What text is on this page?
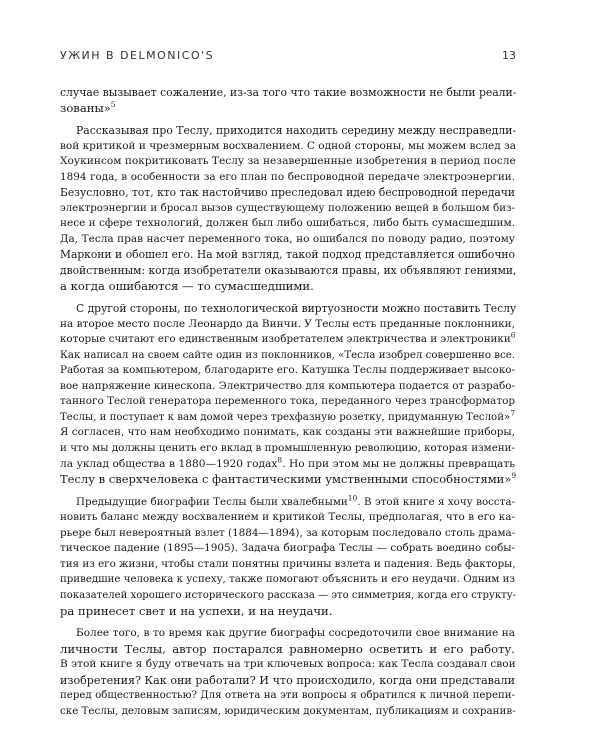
УЖИН В DELMONICO'S	13
случае вызывает сожаление, из-за того что такие возможности не были реали-
зованы»$^5$
Рассказывая про Теслу, приходится находить середину между несправедли-
вой критикой и чрезмерным восхвалением. С одной стороны, мы можем вслед за
Хоукинсом покритиковать Теслу за незавершенные изобретения в период после
1894 года, в особенности за его план по беспроводной передаче электроэнергии.
Безусловно, тот, кто так настойчиво преследовал идею беспроводной передачи
электроэнергии и бросал вызов существующему положению вещей в большом биз-
несе и сфере технологий, должен был либо ошибаться, либо быть сумасшедшим.
Да, Тесла прав насчет переменного тока, но ошибался по поводу радио, поэтому
Маркони и обошел его. На мой взгляд, такой подход представляется ошибочно
двойственным: когда изобретатели оказываются правы, их объявляют гениями,
а когда ошибаются — то сумасшедшими.
С другой стороны, по технологической виртуозности можно поставить Теслу
на второе место после Леонардо да Винчи. У Теслы есть преданные поклонники,
которые считают его единственным изобретателем электричества и электроники$^6$
Как написал на своем сайте один из поклонников, «Тесла изобрел совершенно все.
Работая за компьютером, благодарите его. Катушка Теслы поддерживает высоко-
вое напряжение кинескопа. Электричество для компьютера подается от разрабо-
танного Теслой генератора переменного тока, переданного через трансформатор
Теслы, и поступает к вам домой через трехфазную розетку, придуманную Теслой»$^7$
Я согласен, что нам необходимо понимать, как созданы эти важнейшие приборы,
и что мы должны ценить его вклад в промышленную революцию, которая измени-
ла уклад общества в 1880—1920 годах$^8$. Но при этом мы не должны превращать
Теслу в сверхчеловека с фантастическими умственными способностями»$^9$
Предыдущие биографии Теслы были хвалебными$^{10}$. В этой книге я хочу восста-
новить баланс между восхвалением и критикой Теслы, предполагая, что в его ка-
рьере был невероятный взлет (1884—1894), за которым последовало столь драма-
тическое падение (1895—1905). Задача биографа Теслы — собрать воедино собы-
тия из его жизни, чтобы стали понятны причины взлета и падения. Ведь факторы,
приведшие человека к успеху, также помогают объяснить и его неудачи. Одним из
показателей хорошего исторического рассказа — это симметрия, когда его структу-
ра принесет свет и на успехи, и на неудачи.
Более того, в то время как другие биографы сосредоточили свое внимание на
личности Теслы, автор постарался равномерно осветить и его работу.
В этой книге я буду отвечать на три ключевых вопроса: как Тесла создавал свои
изобретения? Как они работали? И что происходило, когда они представали
перед общественностью? Для ответа на эти вопросы я обратился к личной перепи-
ске Теслы, деловым записям, юридическим документам, публикациям и сохранив-
